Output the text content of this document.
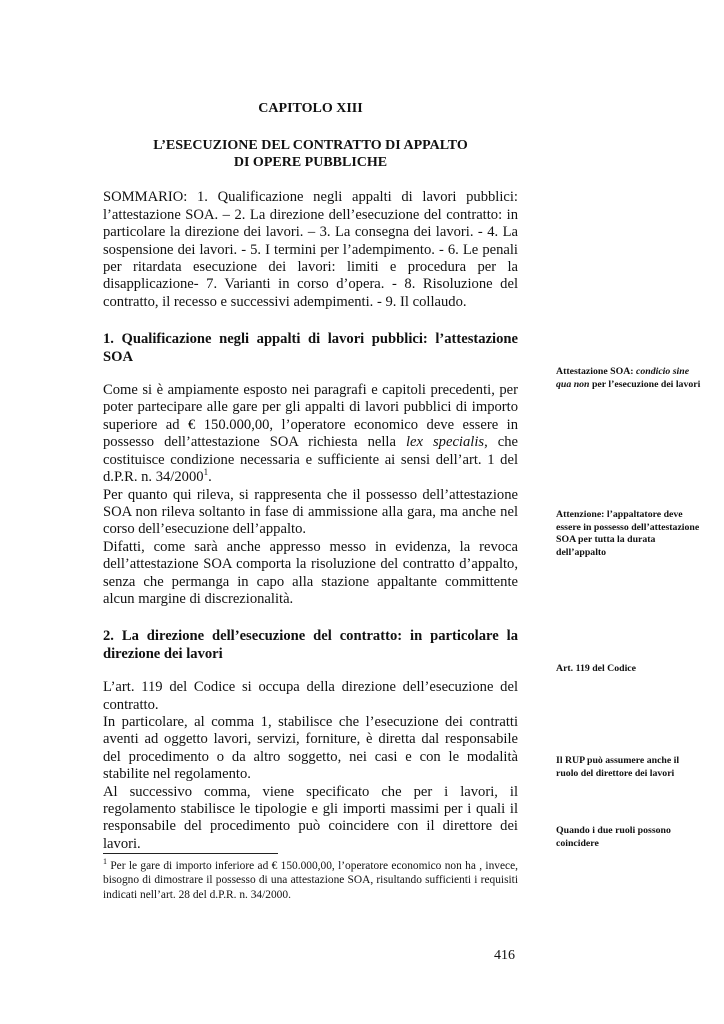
CAPITOLO XIII
L’ESECUZIONE DEL CONTRATTO DI APPALTO
DI OPERE PUBBLICHE

SOMMARIO: 1. Qualificazione negli appalti di lavori pubblici: l’attestazione SOA. – 2. La direzione dell’esecuzione del contratto: in particolare la direzione dei lavori. – 3. La consegna dei lavori. - 4. La sospensione dei lavori. - 5. I termini per l’adempimento. - 6. Le penali per ritardata esecuzione dei lavori: limiti e procedura per la disapplicazione- 7. Varianti in corso d’opera. - 8. Risoluzione del contratto, il recesso e successivi adempimenti. - 9. Il collaudo.

1. Qualificazione negli appalti di lavori pubblici: l’attestazione SOA

Come si è ampiamente esposto nei paragrafi e capitoli precedenti, per poter partecipare alle gare per gli appalti di lavori pubblici di importo superiore ad € 150.000,00, l’operatore economico deve essere in possesso dell’attestazione SOA richiesta nella lex specialis, che costituisce condizione necessaria e sufficiente ai sensi dell’art. 1 del d.P.R. n. 34/2000$^1$.

Per quanto qui rileva, si rappresenta che il possesso dell’attestazione SOA non rileva soltanto in fase di ammissione alla gara, ma anche nel corso dell’esecuzione dell’appalto.

Difatti, come sarà anche appresso messo in evidenza, la revoca dell’attestazione SOA comporta la risoluzione del contratto d’appalto, senza che permanga in capo alla stazione appaltante committente alcun margine di discrezionalità.

2. La direzione dell’esecuzione del contratto: in particolare la direzione dei lavori

L’art. 119 del Codice si occupa della direzione dell’esecuzione del contratto.

In particolare, al comma 1, stabilisce che l’esecuzione dei contratti aventi ad oggetto lavori, servizi, forniture, è diretta dal responsabile del procedimento o da altro soggetto, nei casi e con le modalità stabilite nel regolamento.

Al successivo comma, viene specificato che per i lavori, il regolamento stabilisce le tipologie e gli importi massimi per i quali il responsabile del procedimento può coincidere con il direttore dei lavori.

$^1$ Per le gare di importo inferiore ad € 150.000,00, l’operatore economico non ha , invece, bisogno di dimostrare il possesso di una attestazione SOA, risultando sufficienti i requisiti indicati nell’art. 28 del d.P.R. n. 34/2000.
416
Attestazione SOA: condicio sine qua non per l’esecuzione dei lavori
Attenzione: l’appaltatore deve essere in possesso dell’attestazione SOA per tutta la durata dell’appalto
Art. 119 del Codice
Il RUP può assumere anche il ruolo del direttore dei lavori
Quando i due ruoli possono coincidere
